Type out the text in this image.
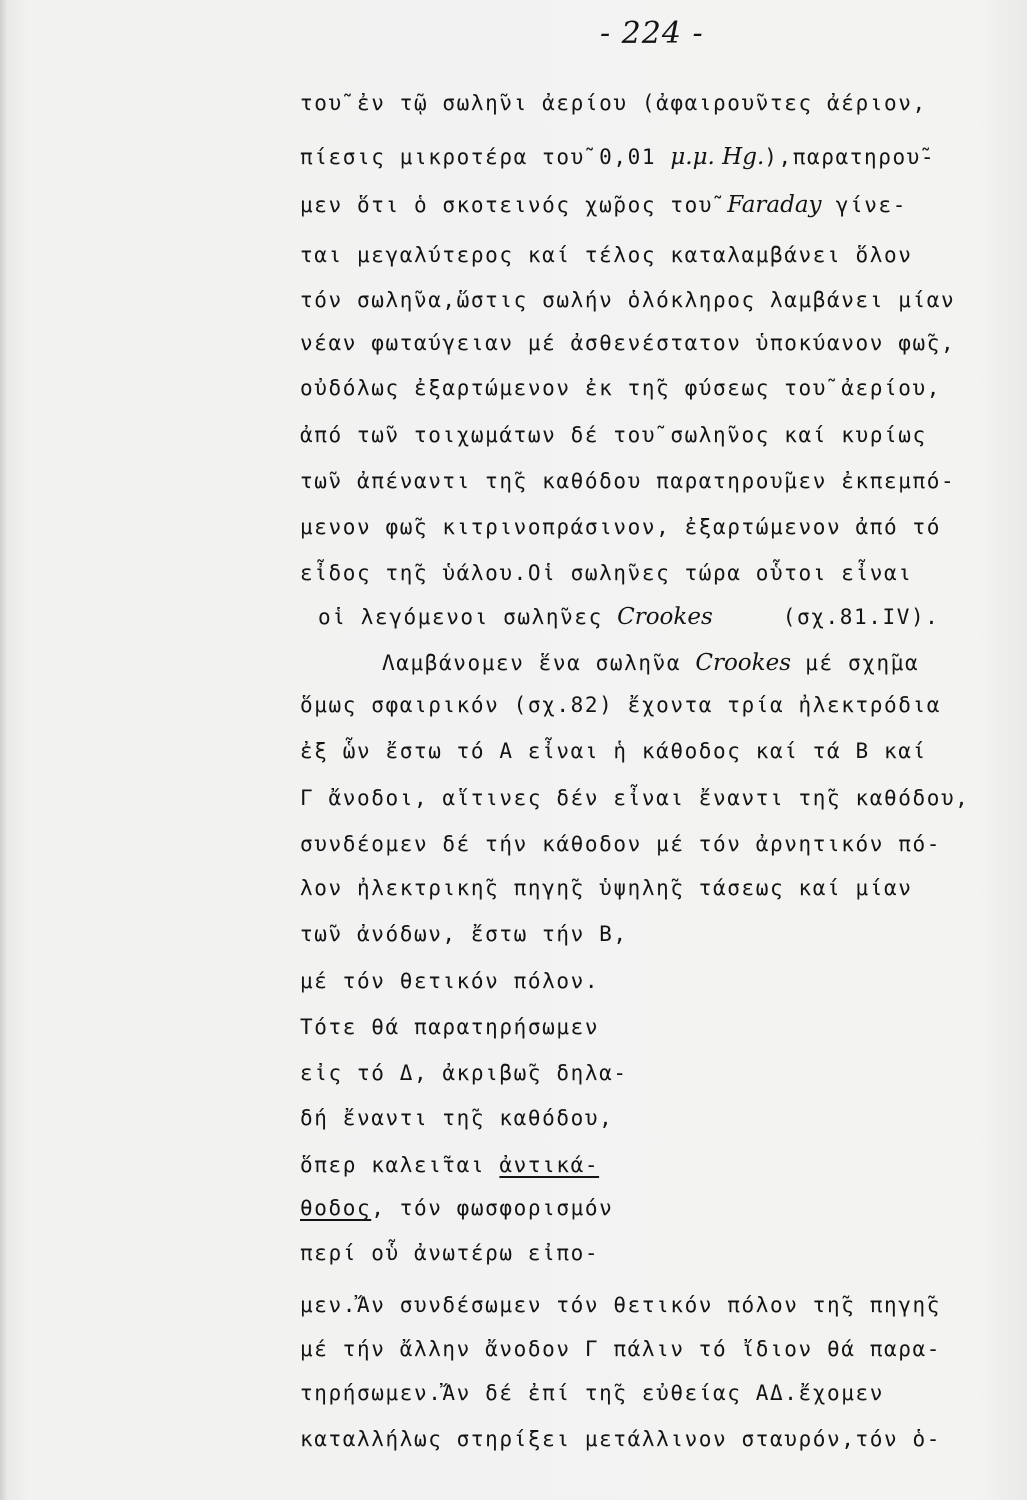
- 224 -
του̃ ἐν τῷ σωλη̃νι ἀερίου (ἀφαιρου̃ντες ἀέριον,
πίεσις μικροτέρα του̃ 0,01 μ.μ. Hg.),παρατηρου̃-
μεν ὅτι ὁ σκοτεινός χω̃ρος του̃ Faraday γίνε-
ται μεγαλύτερος καί τέλος καταλαμβάνει ὅλον
τόν σωλη̃να,ὥστις σωλήν ὁλόκληρος λαμβάνει μίαν
νέαν φωταύγειαν μέ ἀσθενέστατον ὑποκύανον φω̃ς,
οὐδόλως ἐξαρτώμενον ἐκ τη̃ς φύσεως του̃ ἀερίου,
ἀπό τω̃ν τοιχωμάτων δέ του̃ σωλη̃νος καί κυρίως
τω̃ν ἀπέναντι τη̃ς καθόδου παρατηρου̃μεν ἐκπεμπό-
μενον φω̃ς κιτρινοπράσινον, ἐξαρτώμενον ἀπό τό
εἶδος τη̃ς ὑάλου.Οἱ σωλη̃νες τώρα οὗτοι εἶναι
οἱ λεγόμενοι σωλη̃νες Crookes	(σχ.81.IV).
Λαμβάνομεν ἕνα σωλη̃να Crookes μέ σχη̃μα
ὅμως σφαιρικόν (σχ.82) ἔχοντα τρία ἠλεκτρόδια
ἐξ ὧν ἔστω τό Α εἶναι ἡ κάθοδος καί τά Β καί
Γ ἄνοδοι, αἵτινες δέν εἶναι ἔναντι τη̃ς καθόδου,
συνδέομεν δέ τήν κάθοδον μέ τόν ἀρνητικόν πό-
λον ἠλεκτρικη̃ς πηγη̃ς ὑψηλη̃ς τάσεως καί μίαν
τω̃ν ἀνόδων, ἔστω τήν Β,
μέ τόν θετικόν πόλον.
Τότε θά παρατηρήσωμεν
εἰς τό Δ, ἀκριβω̃ς δηλα-
δή ἔναντι τη̃ς καθόδου,
ὅπερ καλει̃ται ἀντικά-
θοδος, τόν φωσφορισμόν
περί οὗ ἀνωτέρω εἰπο-
μεν.Ἄν συνδέσωμεν τόν θετικόν πόλον τη̃ς πηγη̃ς
μέ τήν ἄλλην ἄνοδον Γ πάλιν τό ἴδιον θά παρα-
τηρήσωμεν.Ἄν δέ ἐπί τη̃ς εὐθείας ΑΔ.ἔχομεν
καταλλήλως στηρίξει μετάλλινον σταυρόν,τόν ὁ-
